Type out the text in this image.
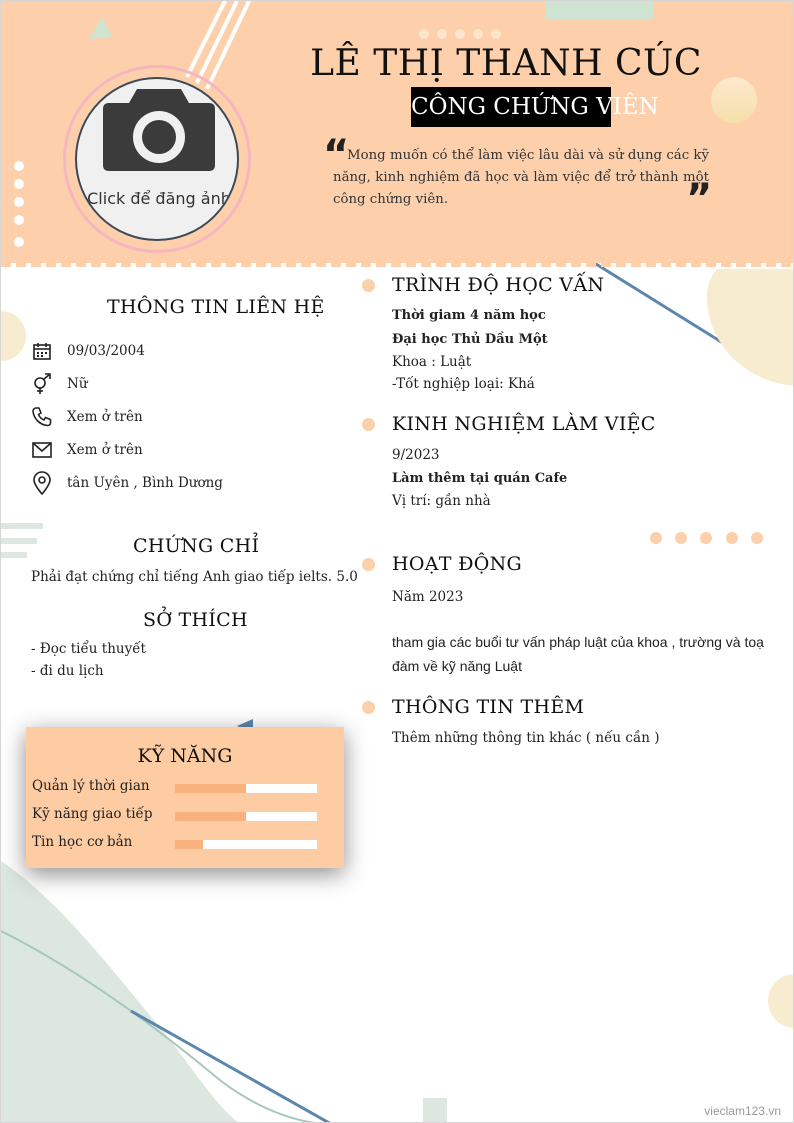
Click để đăng ảnh
LÊ THỊ THANH CÚC
CÔNG CHỨNG VIÊN
“
Mong muốn có thể làm việc lâu dài và sử dụng các kỹ năng, kinh nghiệm đã học và làm việc để trở thành một công chứng viên.	”
THÔNG TIN LIÊN HỆ
09/03/2004
Nữ
Xem ở trên
Xem ở trên
tân Uyên , Bình Dương
CHỨNG CHỈ
Phải đạt chứng chỉ tiếng Anh giao tiếp ielts. 5.0
SỞ THÍCH
- Đọc tiểu thuyết
- đi du lịch
KỸ NĂNG
Quản lý thời gian
Kỹ năng giao tiếp
Tin học cơ bản
TRÌNH ĐỘ HỌC VẤN
Thời giam 4 năm học
Đại học Thủ Dầu Một
Khoa : Luật
-Tốt nghiệp loại: Khá
KINH NGHIỆM LÀM VIỆC
9/2023
Làm thêm tại quán Cafe
Vị trí: gần nhà
HOẠT ĐỘNG
Năm 2023
tham gia các buổi tư vấn pháp luật của khoa , trường và toạ đàm về kỹ năng Luật
THÔNG TIN THÊM
Thêm những thông tin khác ( nếu cần )
vieclam123.vn
